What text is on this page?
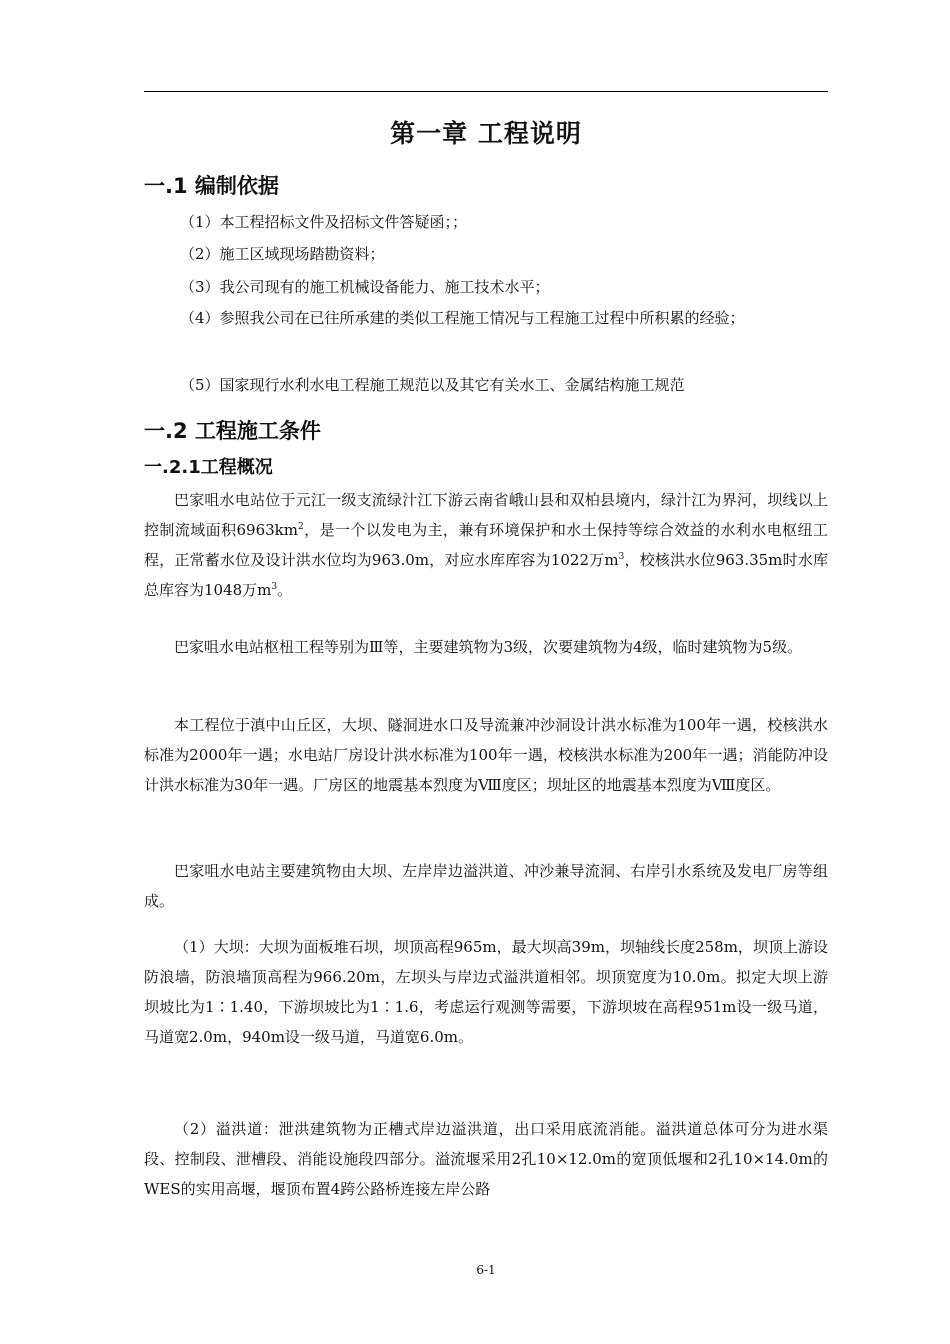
第一章 工程说明
一.1 编制依据
（1）本工程招标文件及招标文件答疑函；；
（2）施工区域现场踏勘资料；
（3）我公司现有的施工机械设备能力、施工技术水平；
（4）参照我公司在已往所承建的类似工程施工情况与工程施工过程中所积累的经验；
（5）国家现行水利水电工程施工规范以及其它有关水工、金属结构施工规范
一.2 工程施工条件
一.2.1工程概况
巴家咀水电站位于元江一级支流绿汁江下游云南省峨山县和双柏县境内，绿汁江为界河，坝线以上控制流域面积$6963km^2$，是一个以发电为主，兼有环境保护和水土保持等综合效益的水利水电枢纽工程，正常蓄水位及设计洪水位均为963.0m，对应水库库容为1022万$m^3$，校核洪水位963.35m时水库总库容为1048万$m^3$。
巴家咀水电站枢杻工程等别为Ⅲ等，主要建筑物为3级，次要建筑物为4级，临时建筑物为5级。
本工程位于滇中山丘区，大坝、隧洞进水口及导流兼冲沙洞设计洪水标准为100年一遇，校核洪水标准为2000年一遇；水电站厂房设计洪水标准为100年一遇，校核洪水标准为200年一遇；消能防冲设计洪水标准为30年一遇。厂房区的地震基本烈度为Ⅷ度区；坝址区的地震基本烈度为Ⅷ度区。
巴家咀水电站主要建筑物由大坝、左岸岸边溢洪道、冲沙兼导流洞、右岸引水系统及发电厂房等组成。
（1）大坝：大坝为面板堆石坝，坝顶高程965m，最大坝高39m，坝轴线长度258m，坝顶上游设防浪墙，防浪墙顶高程为966.20m，左坝头与岸边式溢洪道相邻。坝顶宽度为10.0m。拟定大坝上游坝坡比为1∶1.40，下游坝坡比为1∶1.6，考虑运行观测等需要，下游坝坡在高程951m设一级马道，马道宽2.0m，940m设一级马道，马道宽6.0m。
（2）溢洪道：泄洪建筑物为正槽式岸边溢洪道，出口采用底流消能。溢洪道总体可分为进水渠段、控制段、泄槽段、消能设施段四部分。溢流堰采用2孔10×12.0m的宽顶低堰和2孔10×14.0m的WES的实用高堰，堰顶布置4跨公路桥连接左岸公路
6-1
